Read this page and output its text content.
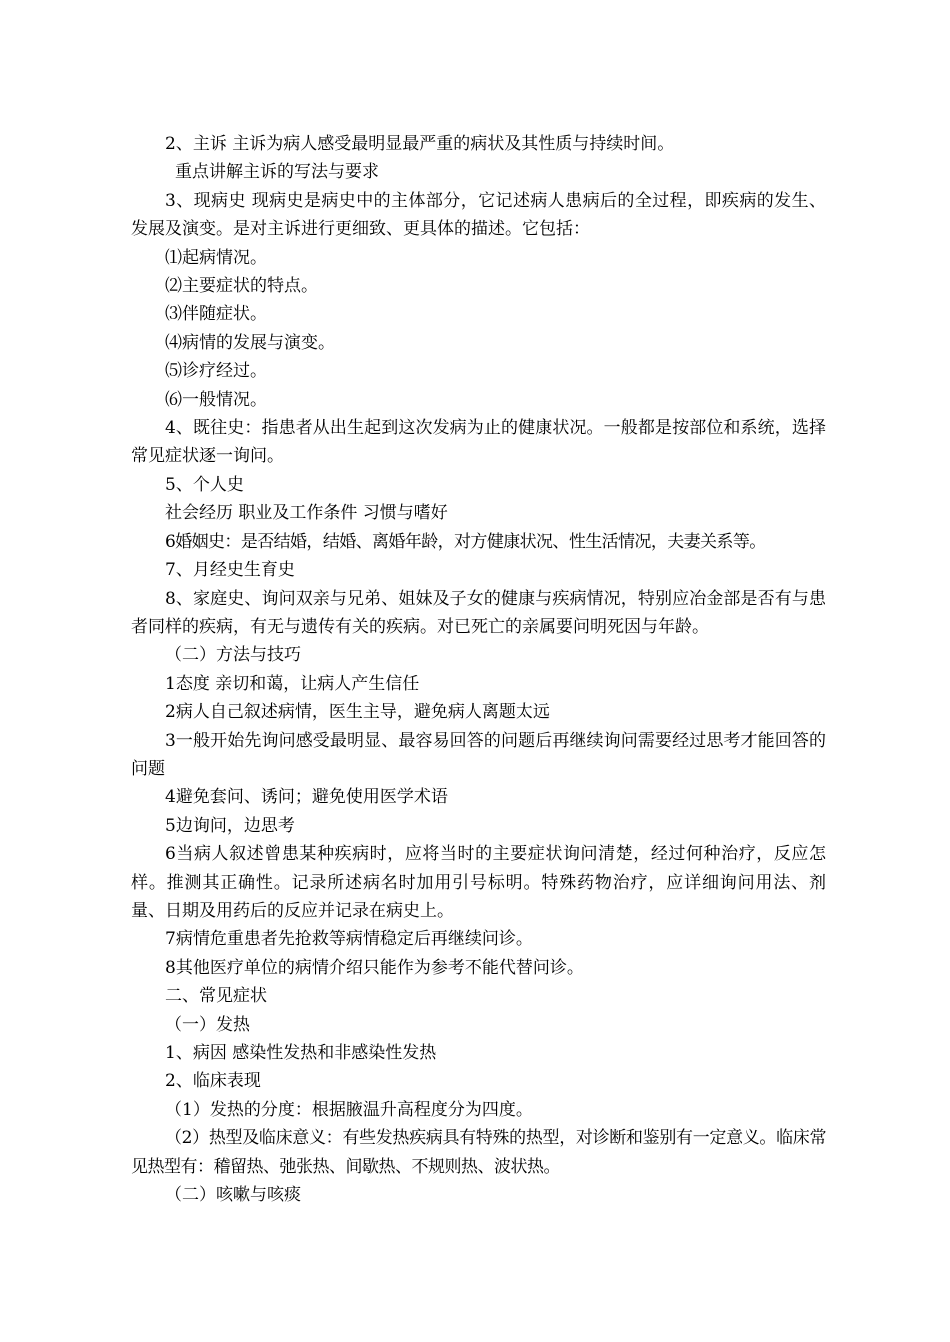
2、主诉 主诉为病人感受最明显最严重的病状及其性质与持续时间。

重点讲解主诉的写法与要求

3、现病史 现病史是病史中的主体部分，它记述病人患病后的全过程，即疾病的发生、发展及演变。是对主诉进行更细致、更具体的描述。它包括：

⑴起病情况。

⑵主要症状的特点。

⑶伴随症状。

⑷病情的发展与演变。

⑸诊疗经过。

⑹一般情况。

4、既往史：指患者从出生起到这次发病为止的健康状况。一般都是按部位和系统，选择常见症状逐一询问。

5、个人史

社会经历 职业及工作条件 习惯与嗜好

6婚姻史：是否结婚，结婚、离婚年龄，对方健康状况、性生活情况，夫妻关系等。

7、月经史生育史

8、家庭史、询问双亲与兄弟、姐妹及子女的健康与疾病情况，特别应冶金部是否有与患者同样的疾病，有无与遗传有关的疾病。对已死亡的亲属要问明死因与年龄。

（二）方法与技巧

1态度 亲切和蔼，让病人产生信任

2病人自己叙述病情，医生主导，避免病人离题太远

3一般开始先询问感受最明显、最容易回答的问题后再继续询问需要经过思考才能回答的问题

4避免套问、诱问；避免使用医学术语

5边询问，边思考

6当病人叙述曾患某种疾病时，应将当时的主要症状询问清楚，经过何种治疗，反应怎样。推测其正确性。记录所述病名时加用引号标明。特殊药物治疗，应详细询问用法、剂量、日期及用药后的反应并记录在病史上。

7病情危重患者先抢救等病情稳定后再继续问诊。

8其他医疗单位的病情介绍只能作为参考不能代替问诊。

二、常见症状

（一）发热

1、病因 感染性发热和非感染性发热

2、临床表现

（1）发热的分度：根据腋温升高程度分为四度。

（2）热型及临床意义：有些发热疾病具有特殊的热型，对诊断和鉴别有一定意义。临床常见热型有：稽留热、弛张热、间歇热、不规则热、波状热。

（二）咳嗽与咳痰
